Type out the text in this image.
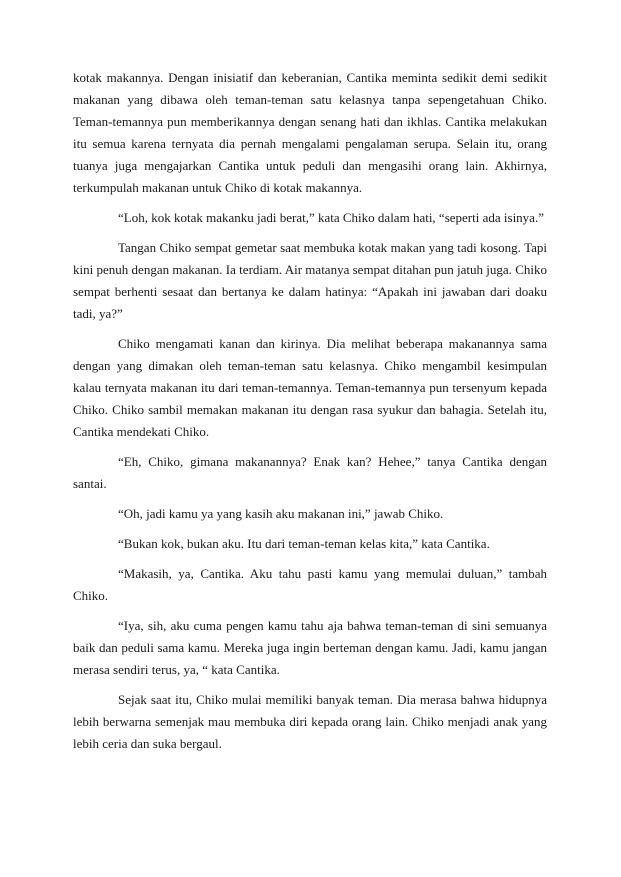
kotak makannya. Dengan inisiatif dan keberanian, Cantika meminta sedikit demi sedikit makanan yang dibawa oleh teman-teman satu kelasnya tanpa sepengetahuan Chiko. Teman-temannya pun memberikannya dengan senang hati dan ikhlas. Cantika melakukan itu semua karena ternyata dia pernah mengalami pengalaman serupa. Selain itu, orang tuanya juga mengajarkan Cantika untuk peduli dan mengasihi orang lain. Akhirnya, terkumpulah makanan untuk Chiko di kotak makannya.

“Loh, kok kotak makanku jadi berat,” kata Chiko dalam hati, “seperti ada isinya.”

Tangan Chiko sempat gemetar saat membuka kotak makan yang tadi kosong. Tapi kini penuh dengan makanan. Ia terdiam. Air matanya sempat ditahan pun jatuh juga. Chiko sempat berhenti sesaat dan bertanya ke dalam hatinya: “Apakah ini jawaban dari doaku tadi, ya?”

Chiko mengamati kanan dan kirinya. Dia melihat beberapa makanannya sama dengan yang dimakan oleh teman-teman satu kelasnya. Chiko mengambil kesimpulan kalau ternyata makanan itu dari teman-temannya. Teman-temannya pun tersenyum kepada Chiko. Chiko sambil memakan makanan itu dengan rasa syukur dan bahagia. Setelah itu, Cantika mendekati Chiko.

“Eh, Chiko, gimana makanannya? Enak kan? Hehee,” tanya Cantika dengan santai.

“Oh, jadi kamu ya yang kasih aku makanan ini,” jawab Chiko.

“Bukan kok, bukan aku. Itu dari teman-teman kelas kita,” kata Cantika.

“Makasih, ya, Cantika. Aku tahu pasti kamu yang memulai duluan,” tambah Chiko.

“Iya, sih, aku cuma pengen kamu tahu aja bahwa teman-teman di sini semuanya baik dan peduli sama kamu. Mereka juga ingin berteman dengan kamu. Jadi, kamu jangan merasa sendiri terus, ya, “ kata Cantika.

Sejak saat itu, Chiko mulai memiliki banyak teman. Dia merasa bahwa hidupnya lebih berwarna semenjak mau membuka diri kepada orang lain. Chiko menjadi anak yang lebih ceria dan suka bergaul.
